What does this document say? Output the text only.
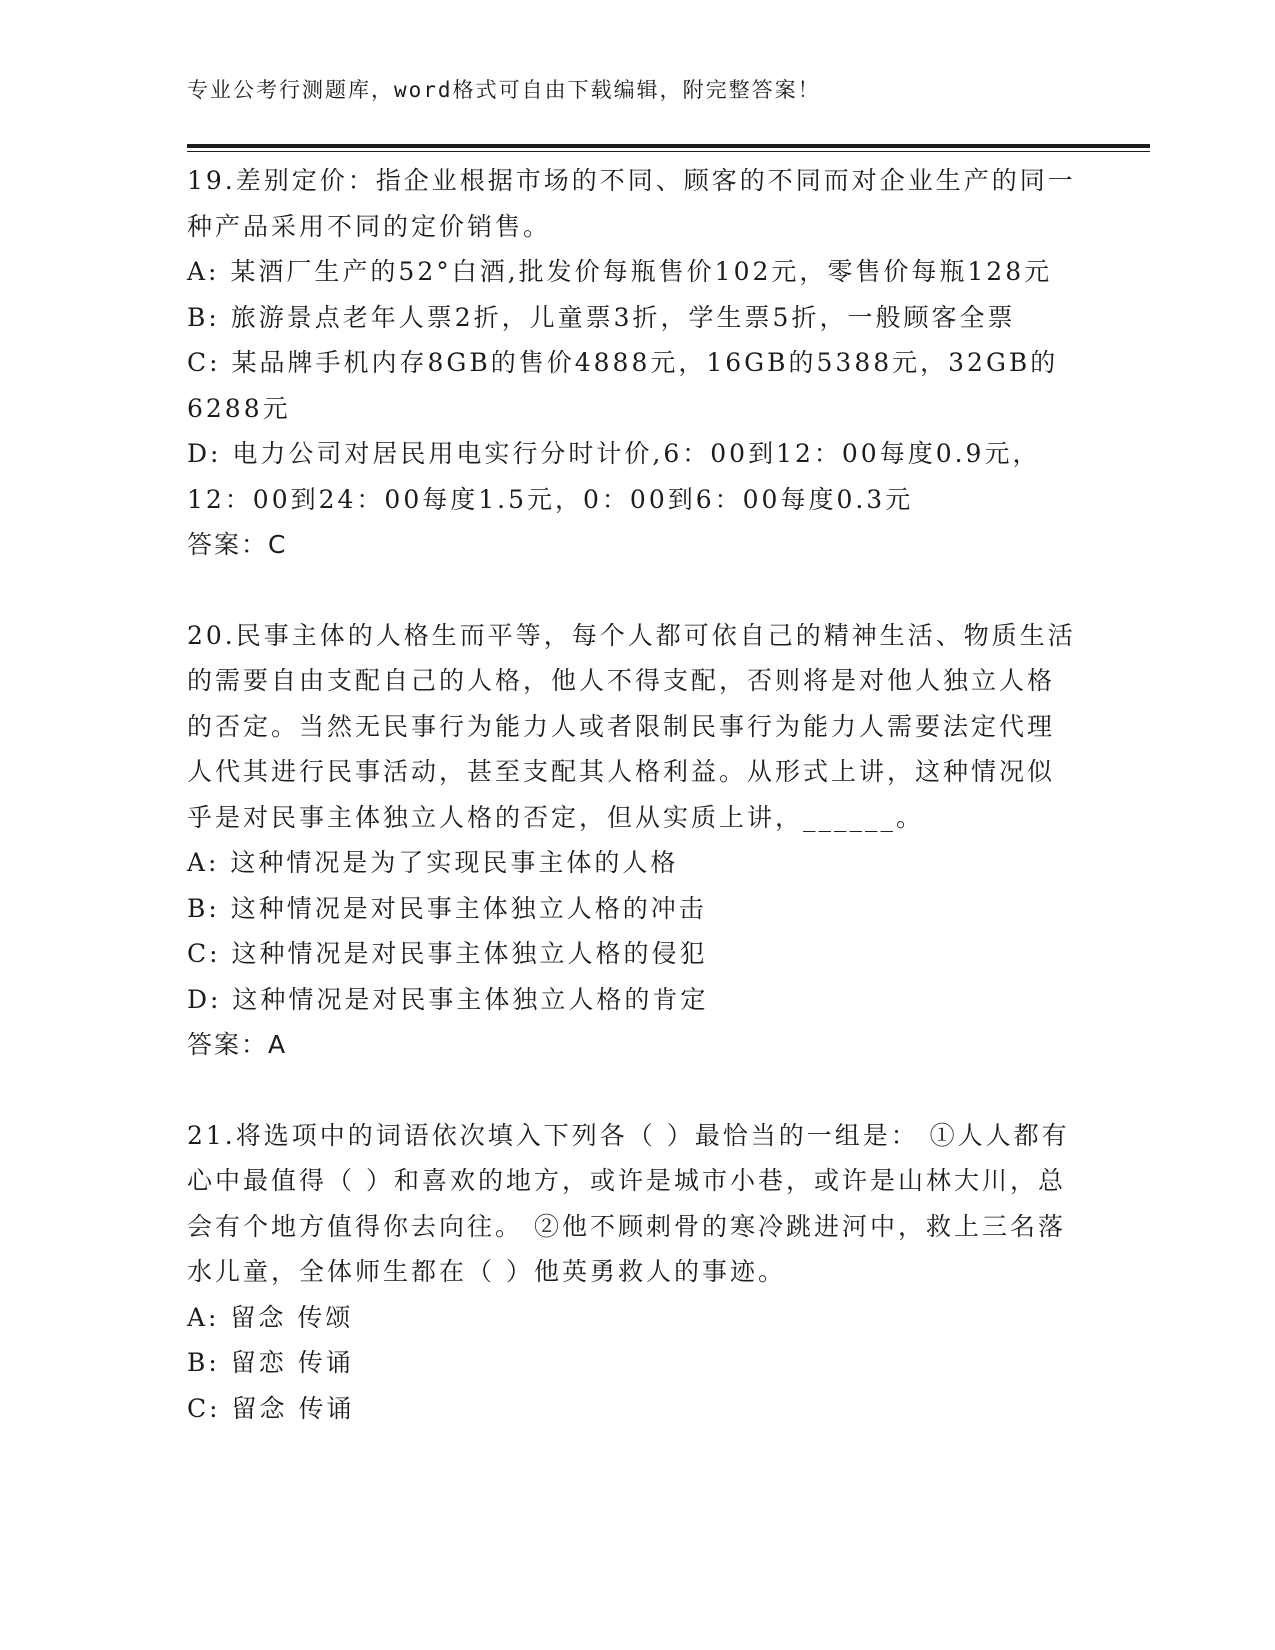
专业公考行测题库，word格式可自由下载编辑，附完整答案！

19.差别定价：指企业根据市场的不同、顾客的不同而对企业生产的同一种产品采用不同的定价销售。

A: 某酒厂生产的52°白酒,批发价每瓶售价102元，零售价每瓶128元

B: 旅游景点老年人票2折，儿童票3折，学生票5折，一般顾客全票

C: 某品牌手机内存8GB的售价4888元，16GB的5388元，32GB的6288元

D: 电力公司对居民用电实行分时计价,6：00到12：00每度0.9元，12：00到24：00每度1.5元，0：00到6：00每度0.3元

答案：C

20.民事主体的人格生而平等，每个人都可依自己的精神生活、物质生活的需要自由支配自己的人格，他人不得支配，否则将是对他人独立人格的否定。当然无民事行为能力人或者限制民事行为能力人需要法定代理人代其进行民事活动，甚至支配其人格利益。从形式上讲，这种情况似乎是对民事主体独立人格的否定，但从实质上讲，______。

A: 这种情况是为了实现民事主体的人格

B: 这种情况是对民事主体独立人格的冲击

C: 这种情况是对民事主体独立人格的侵犯

D: 这种情况是对民事主体独立人格的肯定

答案：A

21.将选项中的词语依次填入下列各（ ）最恰当的一组是： ①人人都有心中最值得（ ）和喜欢的地方，或许是城市小巷，或许是山林大川，总会有个地方值得你去向往。 ②他不顾刺骨的寒冷跳进河中，救上三名落水儿童，全体师生都在（ ）他英勇救人的事迹。

A: 留念 传颂

B: 留恋 传诵

C: 留念 传诵
